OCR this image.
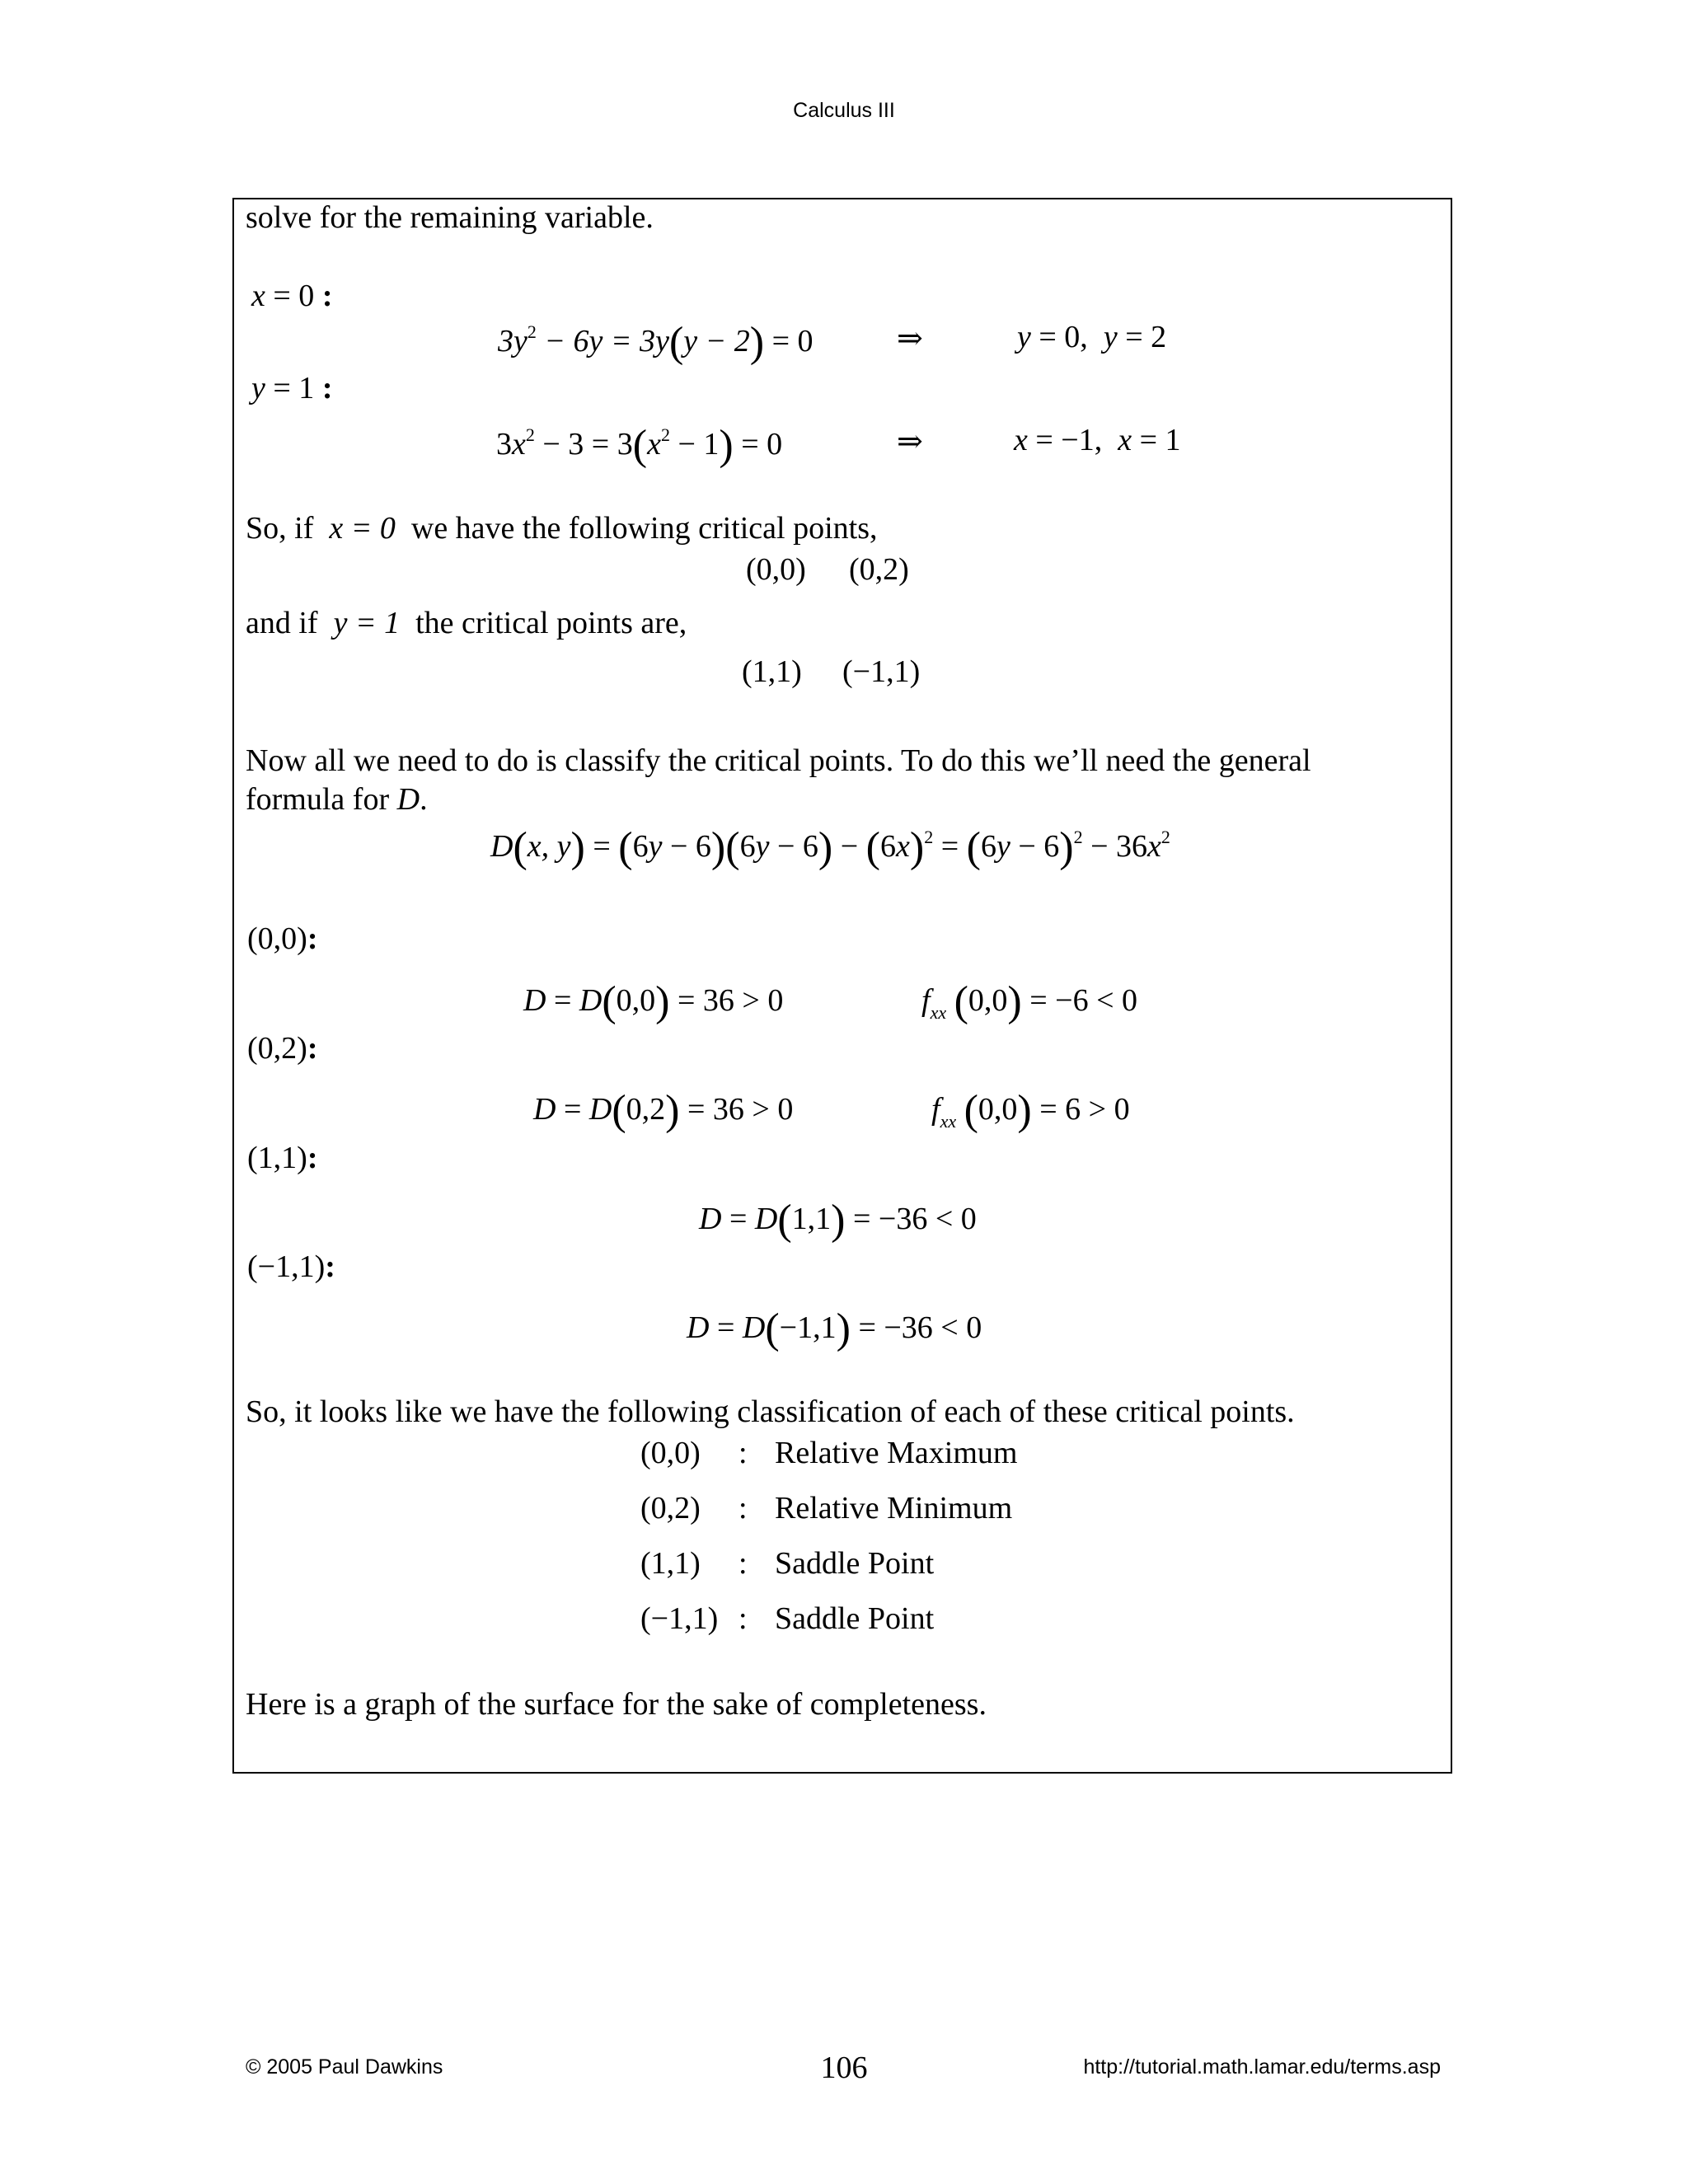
Calculus III
solve for the remaining variable.
x = 0 :
$3y^2 - 6y = 3y(y - 2) = 0$	⇒	y = 0, y = 2
y = 1 :
$3x^2 - 3 = 3(x^2 - 1) = 0$	⇒	x = −1, x = 1
So, if x = 0 we have the following critical points,
(0,0) (0,2)
and if y = 1 the critical points are,
(1,1) (−1,1)
Now all we need to do is classify the critical points. To do this we’ll need the general
formula for D.
D(x, $y) = (6y - 6)(6y - 6) - (6x)^2 = (6y - 6)^2 - 36x^2$
(0,0):
D = D(0,0) = 36 > 0	$f_{xx}$ (0,0) = −6 < 0
(0,2):
D = D(0,2) = 36 > 0	$f_{xx}$ (0,0) = 6 > 0
(1,1):
D = D(1,1) = −36 < 0
(−1,1):
D = D(−1,1) = −36 < 0
So, it looks like we have the following classification of each of these critical points.
(0,0) : Relative Maximum
(0,2) : Relative Minimum
(1,1) : Saddle Point
(−1,1) : Saddle Point
Here is a graph of the surface for the sake of completeness.
© 2005 Paul Dawkins	106	http://tutorial.math.lamar.edu/terms.asp
